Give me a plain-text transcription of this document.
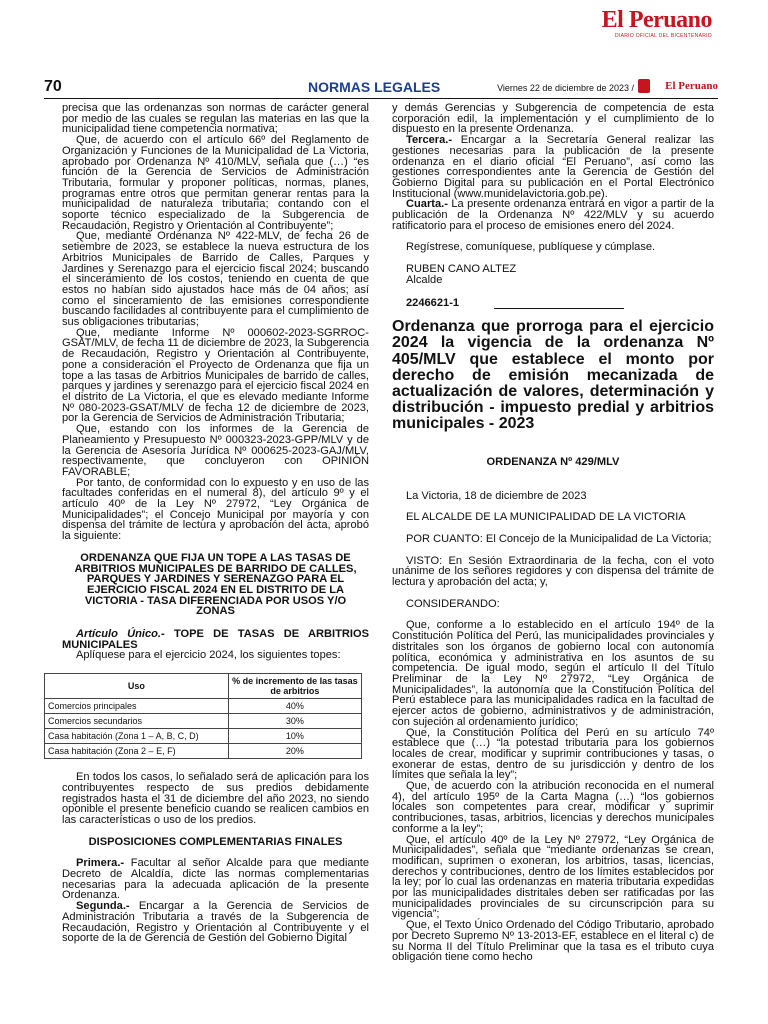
El Peruano
DIARIO OFICIAL DEL BICENTENARIO
70	NORMAS LEGALES	Viernes 22 de diciembre de 2023 /	El Peruano

precisa que las ordenanzas son normas de carácter general por medio de las cuales se regulan las materias en las que la municipalidad tiene competencia normativa;

Que, de acuerdo con el artículo 66º del Reglamento de Organización y Funciones de la Municipalidad de La Victoria, aprobado por Ordenanza Nº 410/MLV, señala que (…) “es función de la Gerencia de Servicios de Administración Tributaria, formular y proponer políticas, normas, planes, programas entre otros que permitan generar rentas para la municipalidad de naturaleza tributaria; contando con el soporte técnico especializado de la Subgerencia de Recaudación, Registro y Orientación al Contribuyente”;

Que, mediante Ordenanza Nº 422-MLV, de fecha 26 de setiembre de 2023, se establece la nueva estructura de los Arbitrios Municipales de Barrido de Calles, Parques y Jardines y Serenazgo para el ejercicio fiscal 2024; buscando el sinceramiento de los costos, teniendo en cuenta de que estos no habían sido ajustados hace más de 04 años; así como el sinceramiento de las emisiones correspondiente buscando facilidades al contribuyente para el cumplimiento de sus obligaciones tributarias;

Que, mediante Informe Nº 000602-2023-SGRROC-GSAT/MLV, de fecha 11 de diciembre de 2023, la Subgerencia de Recaudación, Registro y Orientación al Contribuyente, pone a consideración el Proyecto de Ordenanza que fija un tope a las tasas de Arbitrios Municipales de barrido de calles, parques y jardines y serenazgo para el ejercicio fiscal 2024 en el distrito de La Victoria, el que es elevado mediante Informe Nº 080-2023-GSAT/MLV de fecha 12 de diciembre de 2023, por la Gerencia de Servicios de Administración Tributaria;

Que, estando con los informes de la Gerencia de Planeamiento y Presupuesto Nº 000323-2023-GPP/MLV y de la Gerencia de Asesoría Jurídica Nº 000625-2023-GAJ/MLV, respectivamente, que concluyeron con OPINIÓN FAVORABLE;

Por tanto, de conformidad con lo expuesto y en uso de las facultades conferidas en el numeral 8), del artículo 9º y el artículo 40º de la Ley Nº 27972, “Ley Orgánica de Municipalidades”; el Concejo Municipal por mayoría y con dispensa del trámite de lectura y aprobación del acta, aprobó la siguiente:

ORDENANZA QUE FIJA UN TOPE A LAS TASAS DE ARBITRIOS MUNICIPALES DE BARRIDO DE CALLES, PARQUES Y JARDINES Y SERENAZGO PARA EL EJERCICIO FISCAL 2024 EN EL DISTRITO DE LA VICTORIA - TASA DIFERENCIADA POR USOS Y/O ZONAS

Artículo Único.- TOPE DE TASAS DE ARBITRIOS MUNICIPALES

Aplíquese para el ejercicio 2024, los siguientes topes:

Uso	% de incremento de las tasas de arbitrios
Comercios principales	40%
Comercios secundarios	30%
Casa habitación (Zona 1 – A, B, C, D)	10%
Casa habitación (Zona 2 – E, F)	20%

En todos los casos, lo señalado será de aplicación para los contribuyentes respecto de sus predios debidamente registrados hasta el 31 de diciembre del año 2023, no siendo oponible el presente beneficio cuando se realicen cambios en las características o uso de los predios.

DISPOSICIONES COMPLEMENTARIAS FINALES

Primera.- Facultar al señor Alcalde para que mediante Decreto de Alcaldía, dicte las normas complementarias necesarias para la adecuada aplicación de la presente Ordenanza.

Segunda.- Encargar a la Gerencia de Servicios de Administración Tributaria a través de la Subgerencia de Recaudación, Registro y Orientación al Contribuyente y el soporte de la de Gerencia de Gestión del Gobierno Digital

y demás Gerencias y Subgerencia de competencia de esta corporación edil, la implementación y el cumplimiento de lo dispuesto en la presente Ordenanza.

Tercera.- Encargar a la Secretaría General realizar las gestiones necesarias para la publicación de la presente ordenanza en el diario oficial “El Peruano”, así como las gestiones correspondientes ante la Gerencia de Gestión del Gobierno Digital para su publicación en el Portal Electrónico Institucional (www.munidelavictoria.gob.pe).

Cuarta.- La presente ordenanza entrará en vigor a partir de la publicación de la Ordenanza Nº 422/MLV y su acuerdo ratificatorio para el proceso de emisiones enero del 2024.

Regístrese, comuníquese, publíquese y cúmplase.

RUBEN CANO ALTEZ

Alcalde

2246621-1

Ordenanza que prorroga para el ejercicio 2024 la vigencia de la ordenanza Nº 405/MLV que establece el monto por derecho de emisión mecanizada de actualización de valores, determinación y distribución - impuesto predial y arbitrios municipales - 2023

ORDENANZA Nº 429/MLV

La Victoria, 18 de diciembre de 2023

EL ALCALDE DE LA MUNICIPALIDAD DE LA VICTORIA

POR CUANTO: El Concejo de la Municipalidad de La Victoria;

VISTO: En Sesión Extraordinaria de la fecha, con el voto unánime de los señores regidores y con dispensa del trámite de lectura y aprobación del acta; y,

CONSIDERANDO:

Que, conforme a lo establecido en el artículo 194º de la Constitución Política del Perú, las municipalidades provinciales y distritales son los órganos de gobierno local con autonomía política, económica y administrativa en los asuntos de su competencia. De igual modo, según el artículo II del Título Preliminar de la Ley Nº 27972, “Ley Orgánica de Municipalidades”, la autonomía que la Constitución Política del Perú establece para las municipalidades radica en la facultad de ejercer actos de gobierno, administrativos y de administración, con sujeción al ordenamiento jurídico;

Que, la Constitución Política del Perú en su artículo 74º establece que (…) “la potestad tributaria para los gobiernos locales de crear, modificar y suprimir contribuciones y tasas, o exonerar de estas, dentro de su jurisdicción y dentro de los límites que señala la ley”;

Que, de acuerdo con la atribución reconocida en el numeral 4), del artículo 195º de la Carta Magna (…) “los gobiernos locales son competentes para crear, modificar y suprimir contribuciones, tasas, arbitrios, licencias y derechos municipales conforme a la ley”;

Que, el artículo 40º de la Ley Nº 27972, “Ley Orgánica de Municipalidades”, señala que “mediante ordenanzas se crean, modifican, suprimen o exoneran, los arbitrios, tasas, licencias, derechos y contribuciones, dentro de los límites establecidos por la ley; por lo cual las ordenanzas en materia tributaria expedidas por las municipalidades distritales deben ser ratificadas por las municipalidades provinciales de su circunscripción para su vigencia”;

Que, el Texto Único Ordenado del Código Tributario, aprobado por Decreto Supremo Nº 13-2013-EF, establece en el literal c) de su Norma II del Título Preliminar que la tasa es el tributo cuya obligación tiene como hecho
